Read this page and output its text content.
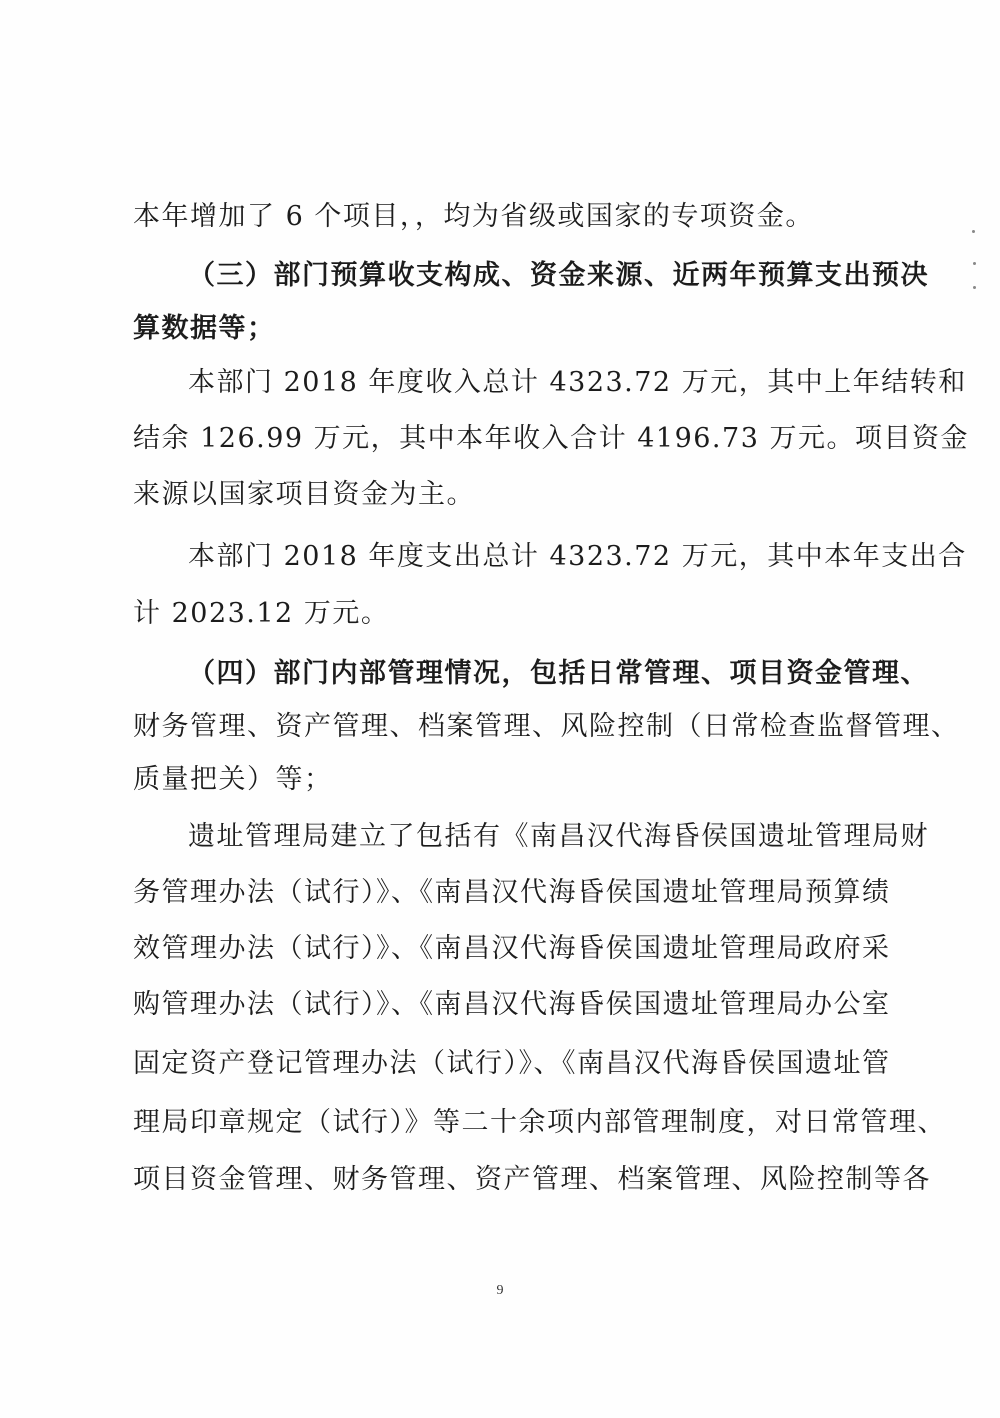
本年增加了 6 个项目，，均为省级或国家的专项资金。
（三）部门预算收支构成、资金来源、近两年预算支出预决
算数据等；
本部门 2018 年度收入总计 4323.72 万元，其中上年结转和
结余 126.99 万元，其中本年收入合计 4196.73 万元。项目资金
来源以国家项目资金为主。
本部门 2018 年度支出总计 4323.72 万元，其中本年支出合
计 2023.12 万元。
（四）部门内部管理情况，包括日常管理、项目资金管理、
财务管理、资产管理、档案管理、风险控制（日常检查监督管理、
质量把关）等；
遗址管理局建立了包括有《南昌汉代海昏侯国遗址管理局财
务管理办法（试行）》、《南昌汉代海昏侯国遗址管理局预算绩
效管理办法（试行）》、《南昌汉代海昏侯国遗址管理局政府采
购管理办法（试行）》、《南昌汉代海昏侯国遗址管理局办公室
固定资产登记管理办法（试行）》、《南昌汉代海昏侯国遗址管
理局印章规定（试行）》等二十余项内部管理制度，对日常管理、
项目资金管理、财务管理、资产管理、档案管理、风险控制等各
9
